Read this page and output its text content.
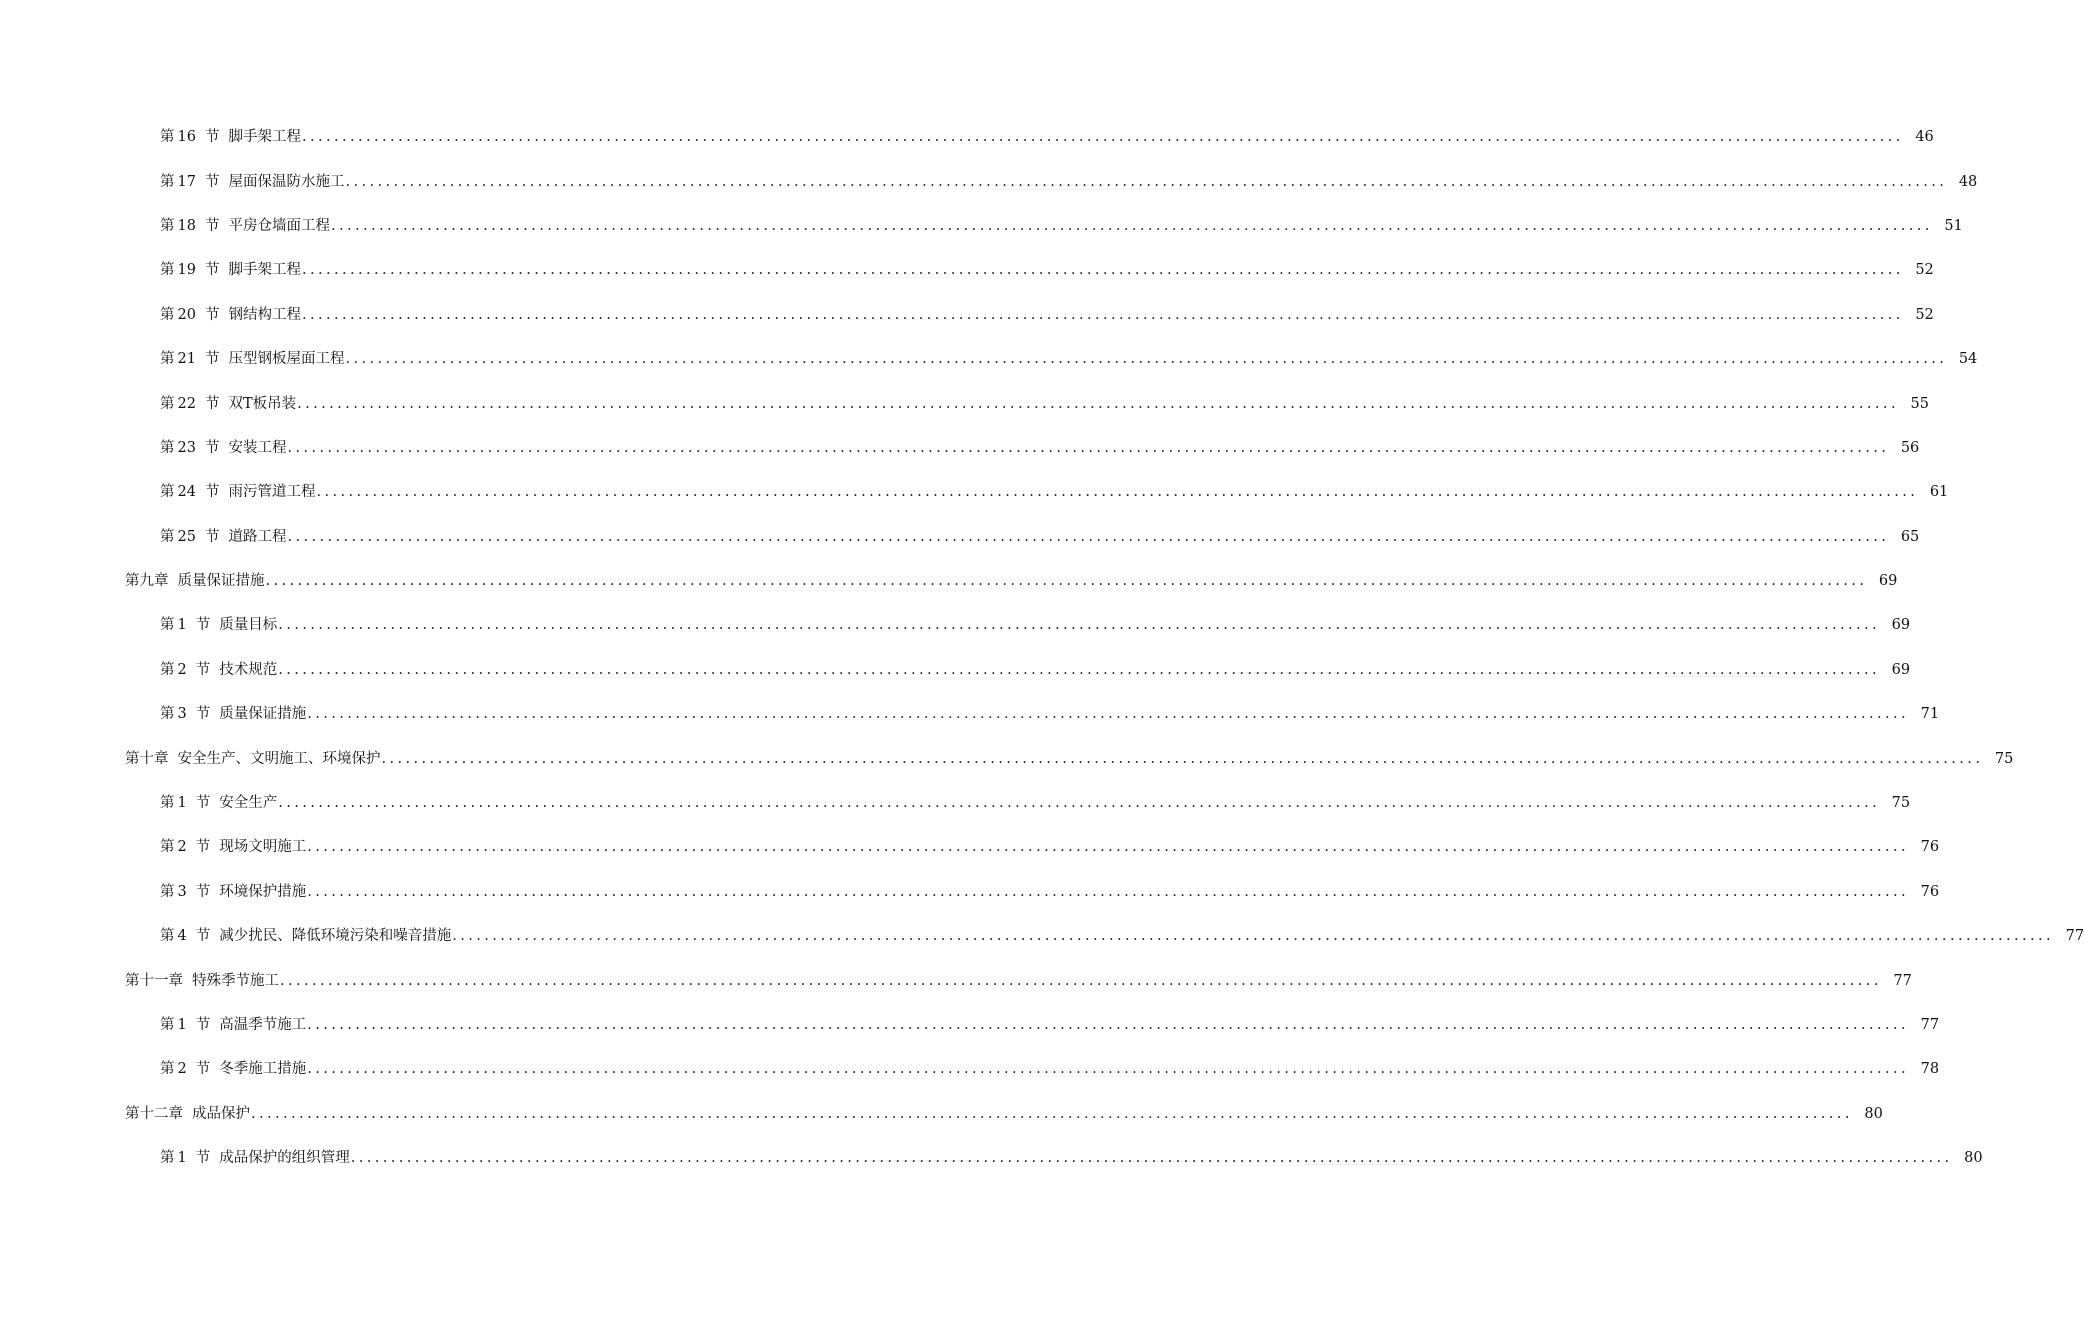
第 16 节 脚手架工程 ........................................................................................................................................................................................................ 46
第 17 节 屋面保温防水施工 ........................................................................................................................................................................................................ 48
第 18 节 平房仓墙面工程 ........................................................................................................................................................................................................ 51
第 19 节 脚手架工程 ........................................................................................................................................................................................................ 52
第 20 节 钢结构工程 ........................................................................................................................................................................................................ 52
第 21 节 压型钢板屋面工程 ........................................................................................................................................................................................................ 54
第 22 节 双T板吊装 ........................................................................................................................................................................................................ 55
第 23 节 安装工程 ........................................................................................................................................................................................................ 56
第 24 节 雨污管道工程 ........................................................................................................................................................................................................ 61
第 25 节 道路工程 ........................................................................................................................................................................................................ 65
第九章 质量保证措施 ........................................................................................................................................................................................................ 69
第 1 节 质量目标 ........................................................................................................................................................................................................ 69
第 2 节 技术规范 ........................................................................................................................................................................................................ 69
第 3 节 质量保证措施 ........................................................................................................................................................................................................ 71
第十章 安全生产、文明施工、环境保护 ........................................................................................................................................................................................................ 75
第 1 节 安全生产 ........................................................................................................................................................................................................ 75
第 2 节 现场文明施工 ........................................................................................................................................................................................................ 76
第 3 节 环境保护措施 ........................................................................................................................................................................................................ 76
第 4 节 减少扰民、降低环境污染和噪音措施 ........................................................................................................................................................................................................ 77
第十一章 特殊季节施工 ........................................................................................................................................................................................................ 77
第 1 节 高温季节施工 ........................................................................................................................................................................................................ 77
第 2 节 冬季施工措施 ........................................................................................................................................................................................................ 78
第十二章 成品保护 ........................................................................................................................................................................................................ 80
第 1 节 成品保护的组织管理 ........................................................................................................................................................................................................ 80
